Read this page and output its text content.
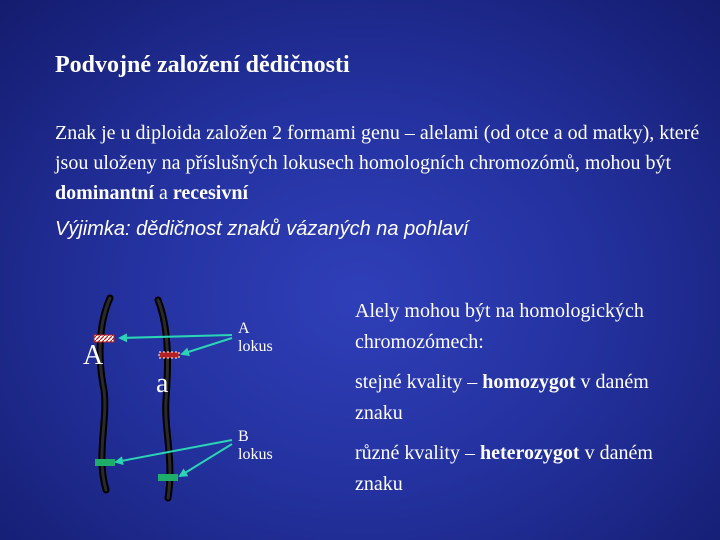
Podvojné založení dědičnosti
Znak je u diploida založen 2 formami genu – alelami (od otce a od matky), které jsou uloženy na příslušných lokusech homologních chromozómů, mohou být dominantní a recesivní
Výjimka: dědičnost znaků vázaných na pohlaví
A
a
A
lokus
B
lokus
Alely mohou být na homologických chromozómech:
stejné kvality – homozygot v daném znaku
různé kvality – heterozygot v daném znaku
